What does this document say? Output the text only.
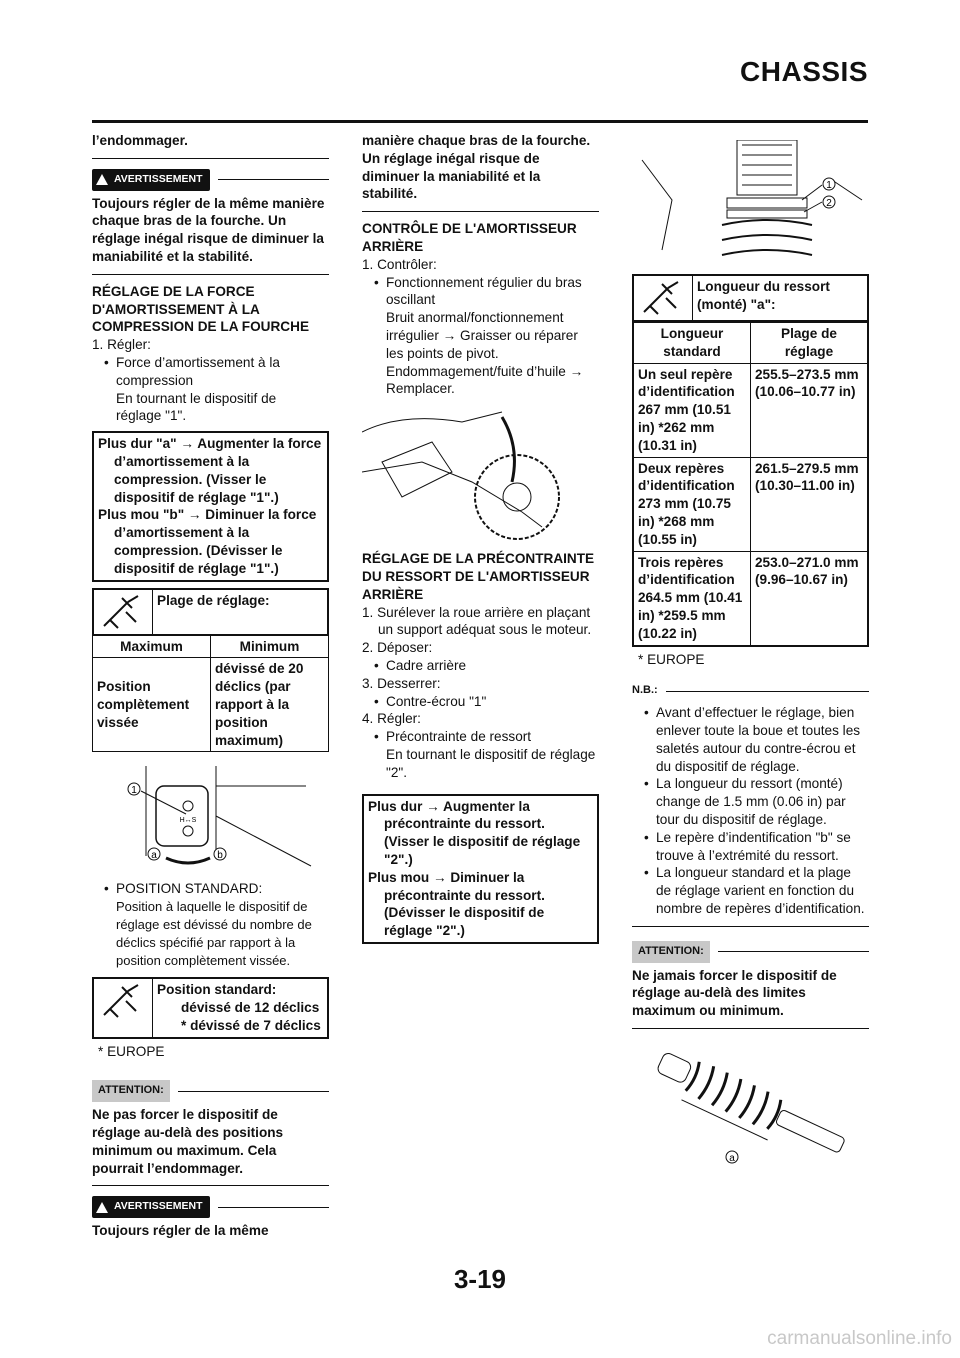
CHASSIS

l’endommager.

AVERTISSEMENT

Toujours régler de la même manière chaque bras de la fourche. Un réglage inégal risque de diminuer la maniabilité et la stabilité.

RÉGLAGE DE LA FORCE D'AMORTISSEMENT À LA COMPRESSION DE LA FOURCHE

1. Régler:

• Force d’amortissement à la compression

En tournant le dispositif de

réglage "1".

Plus dur "a" → Augmenter la force d’amortissement à la compression. (Visser le dispositif de réglage "1".)

Plus mou "b" → Diminuer la force d’amortissement à la compression. (Dévisser le dispositif de réglage "1".)

	Plage de réglage:
Maximum	Minimum
Position complètement vissée	dévissé de 20 déclics (par rapport à la position maximum)
1
a	b
H↔S

• POSITION STANDARD:

Position à laquelle le dispositif de réglage est dévissé du nombre de déclics spécifié par rapport à la position complètement vissée.

Position standard:

dévissé de 12 déclics

* dévissé de 7 déclics

* EUROPE

ATTENTION:

Ne pas forcer le dispositif de réglage au-delà des positions minimum ou maximum. Cela pourrait l’endommager.

AVERTISSEMENT

Toujours régler de la même

manière chaque bras de la fourche. Un réglage inégal risque de diminuer la maniabilité et la stabilité.

CONTRÔLE DE L'AMORTISSEUR ARRIÈRE

1. Contrôler:

• Fonctionnement régulier du bras oscillant

Bruit anormal/fonctionnement irrégulier → Graisser ou réparer les points de pivot.

Endommagement/fuite d’huile → Remplacer.

RÉGLAGE DE LA PRÉCONTRAINTE DU RESSORT DE L'AMORTISSEUR ARRIÈRE

1. Surélever la roue arrière en plaçant un support adéquat sous le moteur.

2. Déposer:

• Cadre arrière

3. Desserrer:

• Contre-écrou "1"

4. Régler:

• Précontrainte de ressort

En tournant le dispositif de réglage "2".

Plus dur → Augmenter la précontrainte du ressort. (Visser le dispositif de réglage "2".)

Plus mou → Diminuer la précontrainte du ressort. (Dévisser le dispositif de réglage "2".)

1
2
	Longueur du ressort (monté) "a":
Longueur standard	Plage de réglage
Un seul repère d’identification 267 mm (10.51 in) *262 mm (10.31 in)	255.5–273.5 mm (10.06–10.77 in)
Deux repères d’identification 273 mm (10.75 in) *268 mm (10.55 in)	261.5–279.5 mm (10.30–11.00 in)
Trois repères d’identification 264.5 mm (10.41 in) *259.5 mm (10.22 in)	253.0–271.0 mm (9.96–10.67 in)

* EUROPE

N.B.:

• Avant d’effectuer le réglage, bien enlever toute la boue et toutes les saletés autour du contre-écrou et du dispositif de réglage.

• La longueur du ressort (monté) change de 1.5 mm (0.06 in) par tour du dispositif de réglage.

• Le repère d’indentification "b" se trouve à l’extrémité du ressort.

• La longueur standard et la plage de réglage varient en fonction du nombre de repères d’identification.

ATTENTION:

Ne jamais forcer le dispositif de réglage au-delà des limites maximum ou minimum.

a
3-19
carmanualsonline.info
